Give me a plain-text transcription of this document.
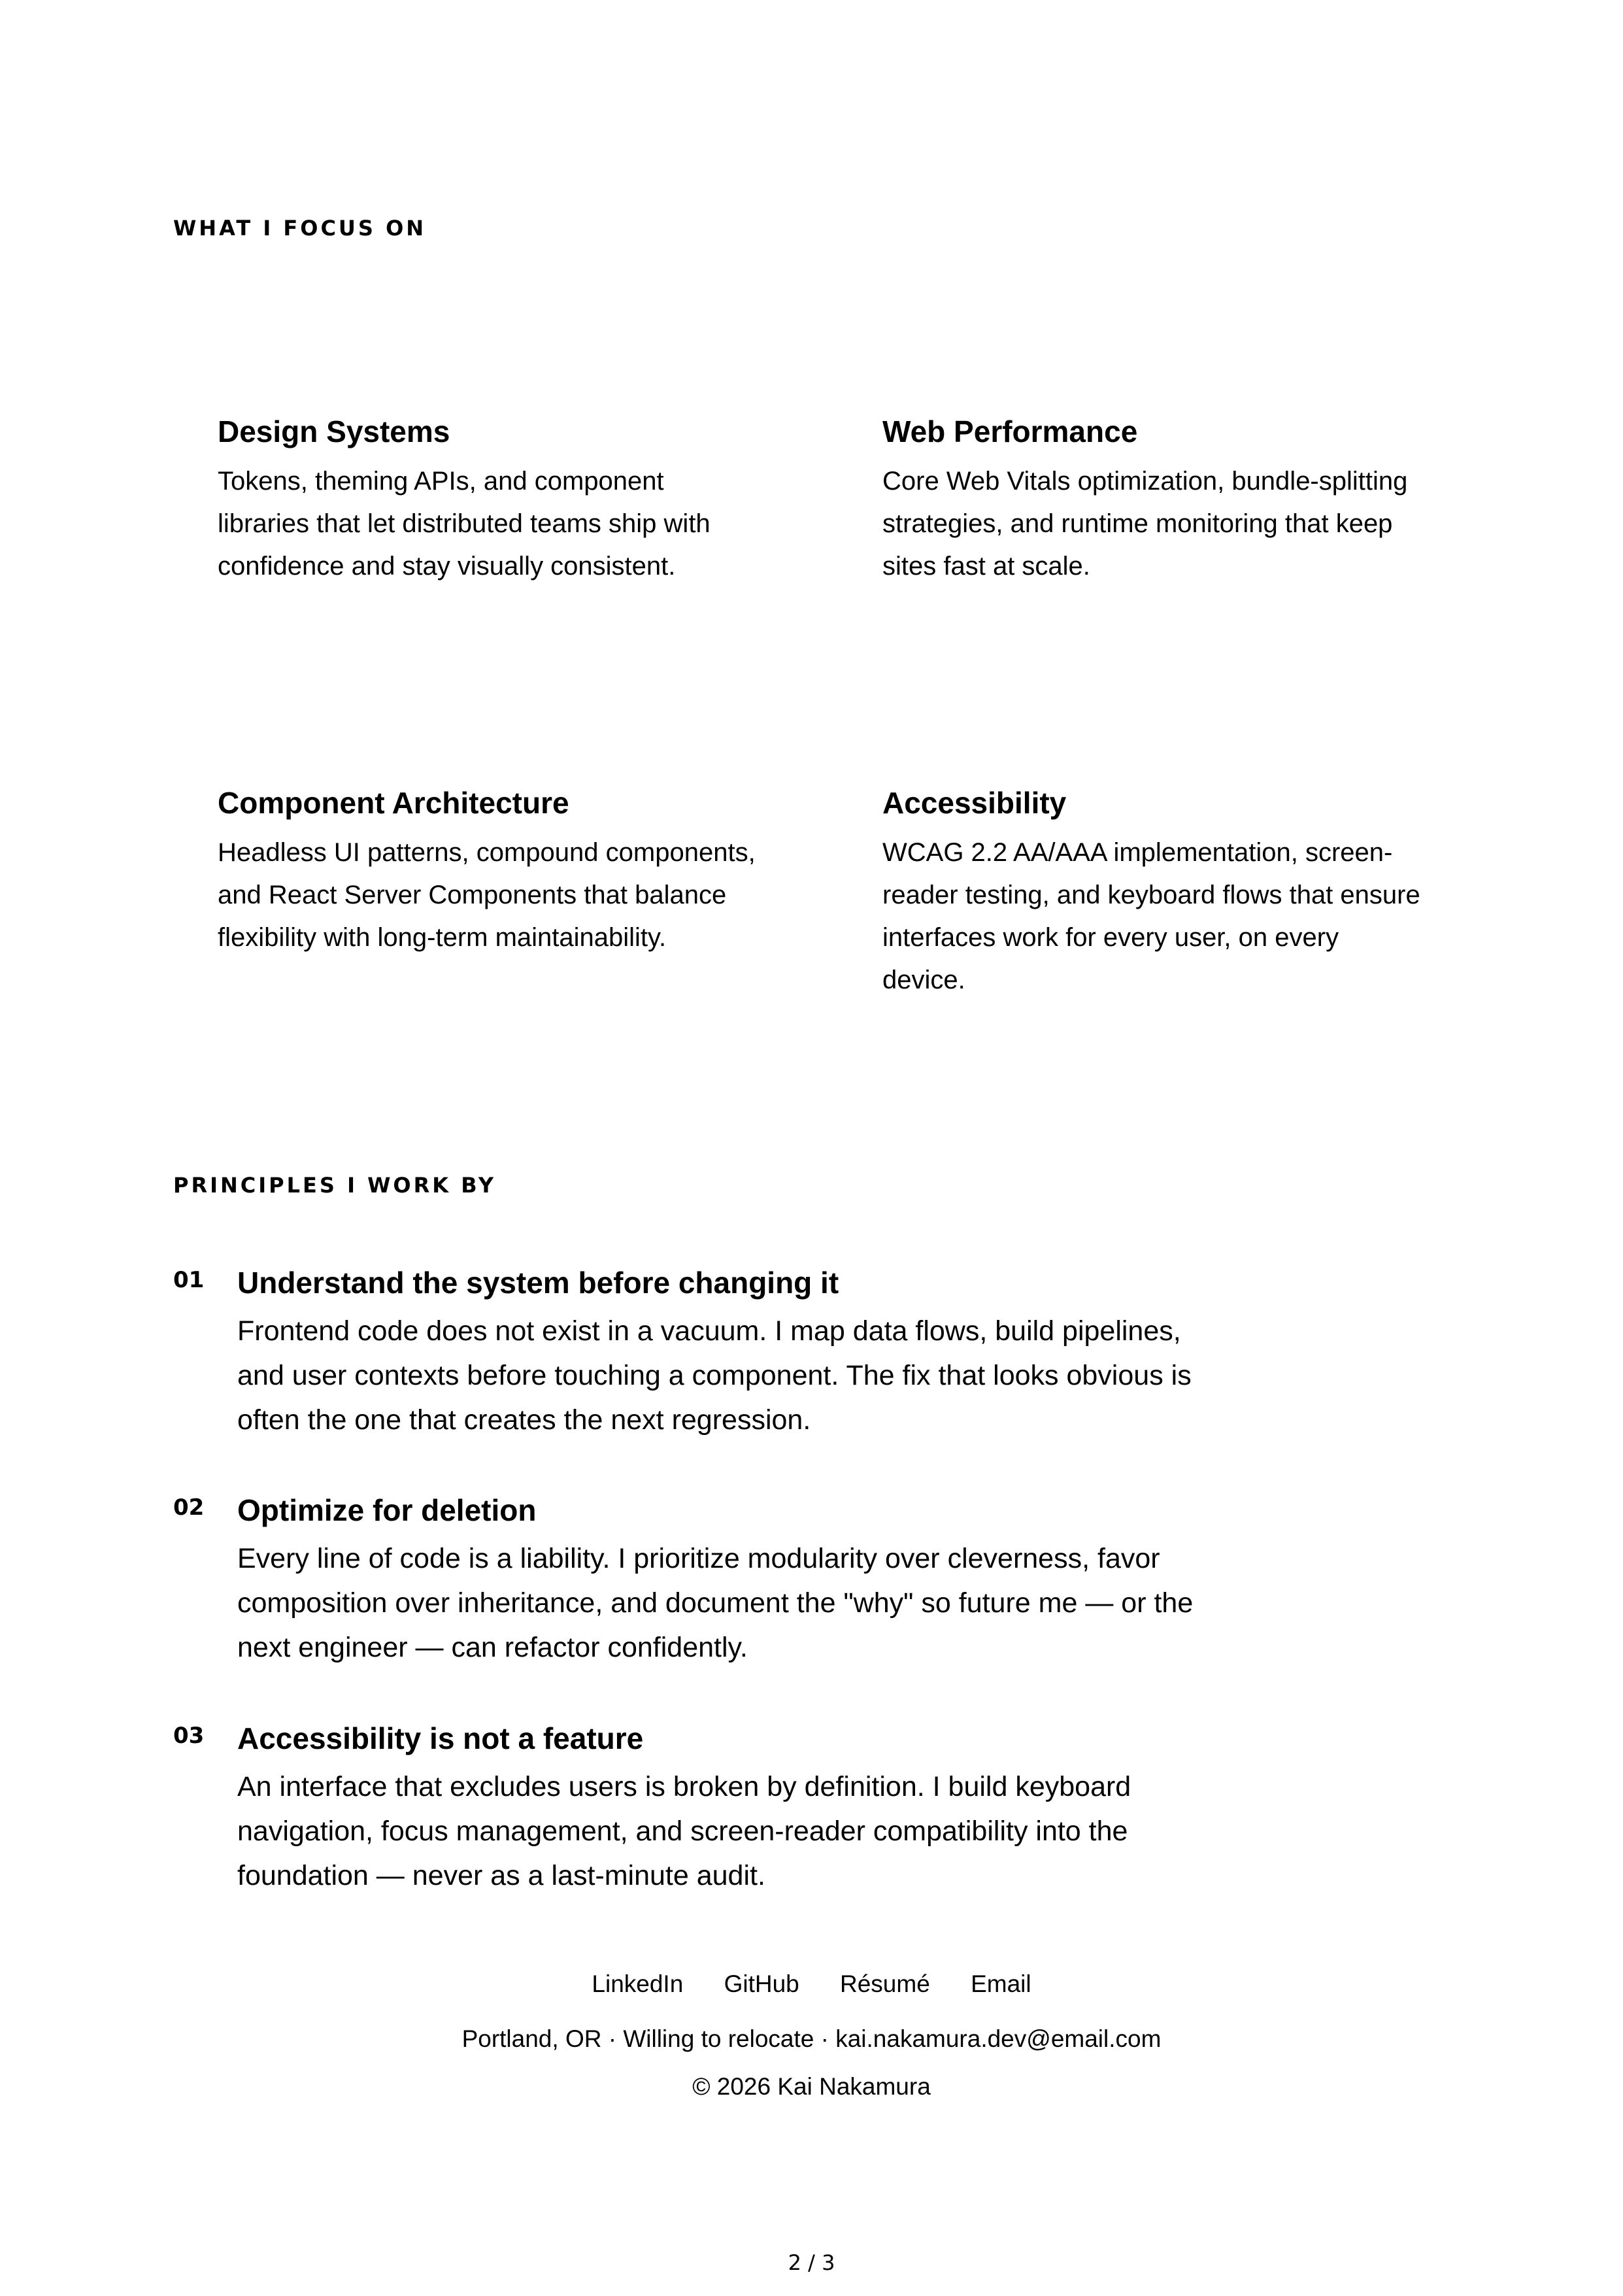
WHAT I FOCUS ON
Design Systems

Tokens, theming APIs, and component libraries that let distributed teams ship with confidence and stay visually consistent.

Web Performance

Core Web Vitals optimization, bundle-splitting strategies, and runtime monitoring that keep sites fast at scale.

Component Architecture

Headless UI patterns, compound components, and React Server Components that balance flexibility with long-term maintainability.

Accessibility

WCAG 2.2 AA/AAA implementation, screen-reader testing, and keyboard flows that ensure interfaces work for every user, on every device.

PRINCIPLES I WORK BY
01 Understand the system before changing it

Frontend code does not exist in a vacuum. I map data flows, build pipelines, and user contexts before touching a component. The fix that looks obvious is often the one that creates the next regression.

02 Optimize for deletion

Every line of code is a liability. I prioritize modularity over cleverness, favor composition over inheritance, and document the "why" so future me — or the next engineer — can refactor confidently.

03 Accessibility is not a feature

An interface that excludes users is broken by definition. I build keyboard navigation, focus management, and screen-reader compatibility into the foundation — never as a last-minute audit.

LinkedIn GitHub Résumé Email
Portland, OR · Willing to relocate · kai.nakamura.dev@email.com
© 2026 Kai Nakamura
2 / 3
